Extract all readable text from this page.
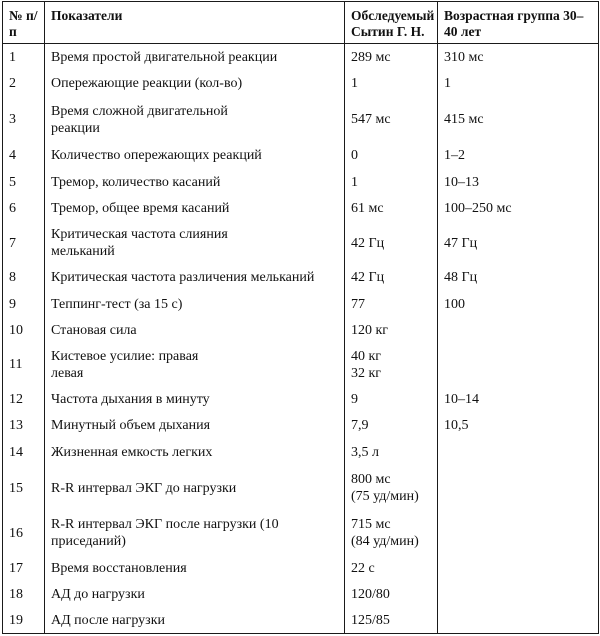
№ п/
п	Показатели	Обследуемый
Сытин Г. Н.	Возрастная группа 30–
40 лет
1	Время простой двигательной реакции	289 мс	310 мс
2	Опережающие реакции (кол-во)	1	1
3	Время сложной двигательной
реакции	547 мс	415 мс
4	Количество опережающих реакций	0	1–2
5	Тремор, количество касаний	1	10–13
6	Тремор, общее время касаний	61 мс	100–250 мс
7	Критическая частота слияния
мельканий	42 Гц	47 Гц
8	Критическая частота различения мельканий	42 Гц	48 Гц
9	Теппинг-тест (за 15 с)	77	100
10	Становая сила	120 кг	
11	Кистевое усилие: правая
левая	40 кг
32 кг	
12	Частота дыхания в минуту	9	10–14
13	Минутный объем дыхания	7,9	10,5
14	Жизненная емкость легких	3,5 л	
15	R-R интервал ЭКГ до нагрузки	800 мс
(75 уд/мин)	
16	R-R интервал ЭКГ после нагрузки (10
приседаний)	715 мс
(84 уд/мин)	
17	Время восстановления	22 с	
18	АД до нагрузки	120/80	
19	АД после нагрузки	125/85	
